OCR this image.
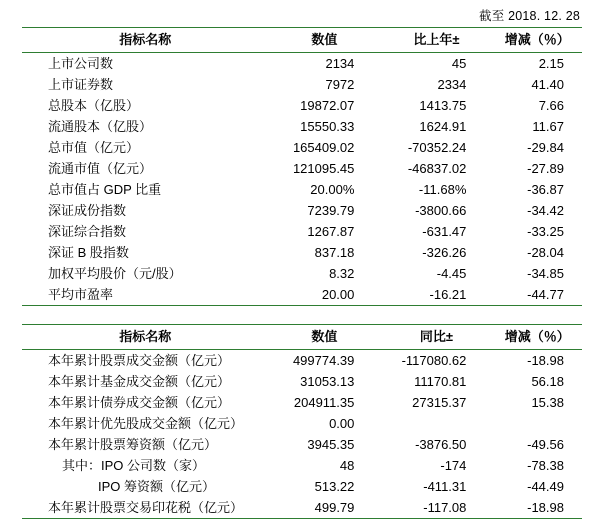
截至 2018. 12. 28
指标名称	数值	比上年±	增减（％）
上市公司数	2134	45	2.15
上市证券数	7972	2334	41.40
总股本（亿股）	19872.07	1413.75	7.66
流通股本（亿股）	15550.33	1624.91	11.67
总市值（亿元）	165409.02	-70352.24	-29.84
流通市值（亿元）	121095.45	-46837.02	-27.89
总市值占 GDP 比重	20.00%	-11.68%	-36.87
深证成份指数	7239.79	-3800.66	-34.42
深证综合指数	1267.87	-631.47	-33.25
深证 B 股指数	837.18	-326.26	-28.04
加权平均股价（元/股）	8.32	-4.45	-34.85
平均市盈率	20.00	-16.21	-44.77
指标名称	数值	同比±	增减（％）
本年累计股票成交金额（亿元）	499774.39	-117080.62	-18.98
本年累计基金成交金额（亿元）	31053.13	11170.81	56.18
本年累计债券成交金额（亿元）	204911.35	27315.37	15.38
本年累计优先股成交金额（亿元）	0.00		
本年累计股票筹资额（亿元）	3945.35	-3876.50	-49.56
其中：IPO 公司数（家）	48	-174	-78.38
IPO 筹资额（亿元）	513.22	-411.31	-44.49
本年累计股票交易印花税（亿元）	499.79	-117.08	-18.98
